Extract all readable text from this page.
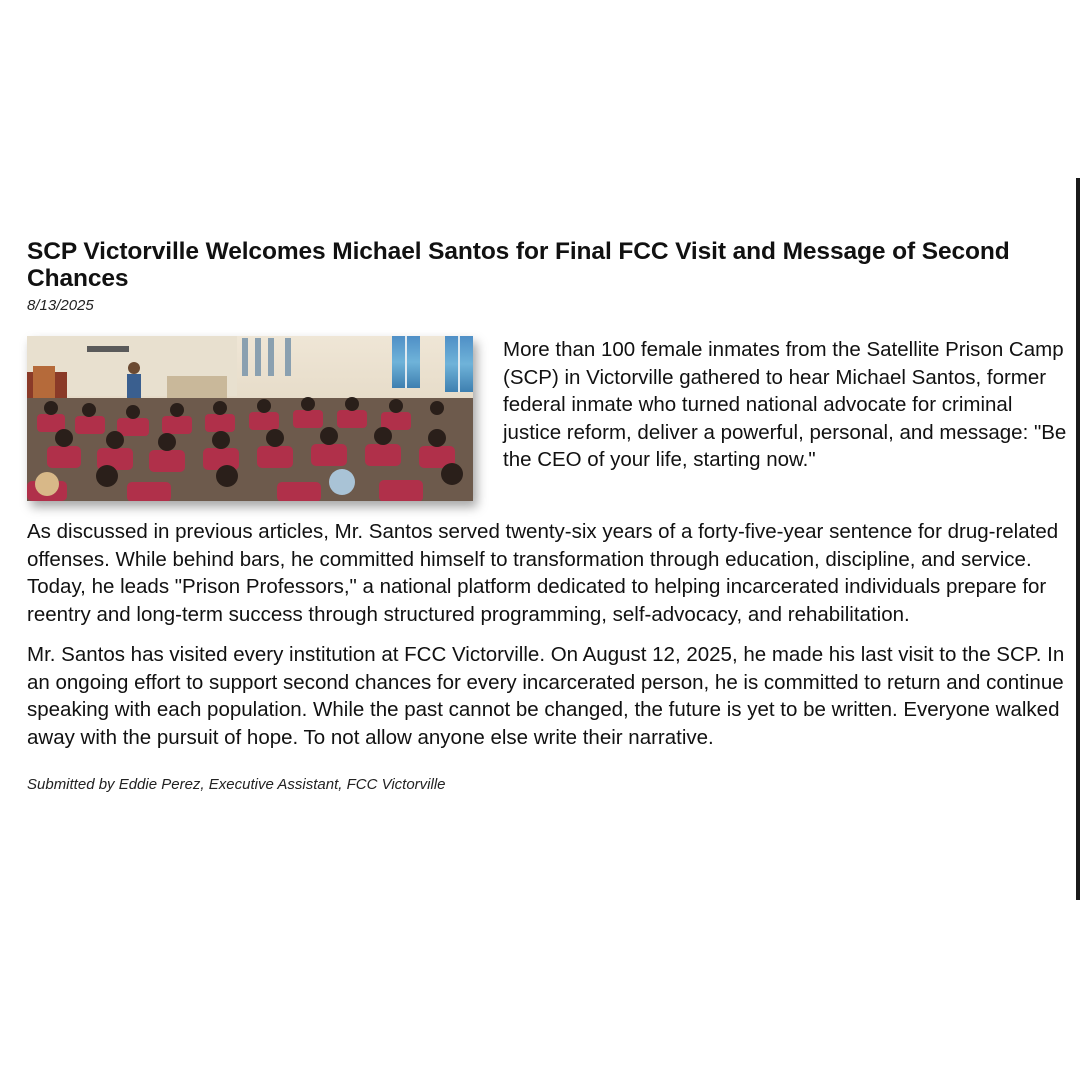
SCP Victorville Welcomes Michael Santos for Final FCC Visit and Message of Second Chances
8/13/2025

More than 100 female inmates from the Satellite Prison Camp (SCP) in Victorville gathered to hear Michael Santos, former federal inmate who turned national advocate for criminal justice reform, deliver a powerful, personal, and message: "Be the CEO of your life, starting now."

As discussed in previous articles, Mr. Santos served twenty-six years of a forty-five-year sentence for drug-related offenses. While behind bars, he committed himself to transformation through education, discipline, and service. Today, he leads "Prison Professors," a national platform dedicated to helping incarcerated individuals prepare for reentry and long-term success through structured programming, self-advocacy, and rehabilitation.

Mr. Santos has visited every institution at FCC Victorville. On August 12, 2025, he made his last visit to the SCP. In an ongoing effort to support second chances for every incarcerated person, he is committed to return and continue speaking with each population. While the past cannot be changed, the future is yet to be written. Everyone walked away with the pursuit of hope. To not allow anyone else write their narrative.

Submitted by Eddie Perez, Executive Assistant, FCC Victorville
